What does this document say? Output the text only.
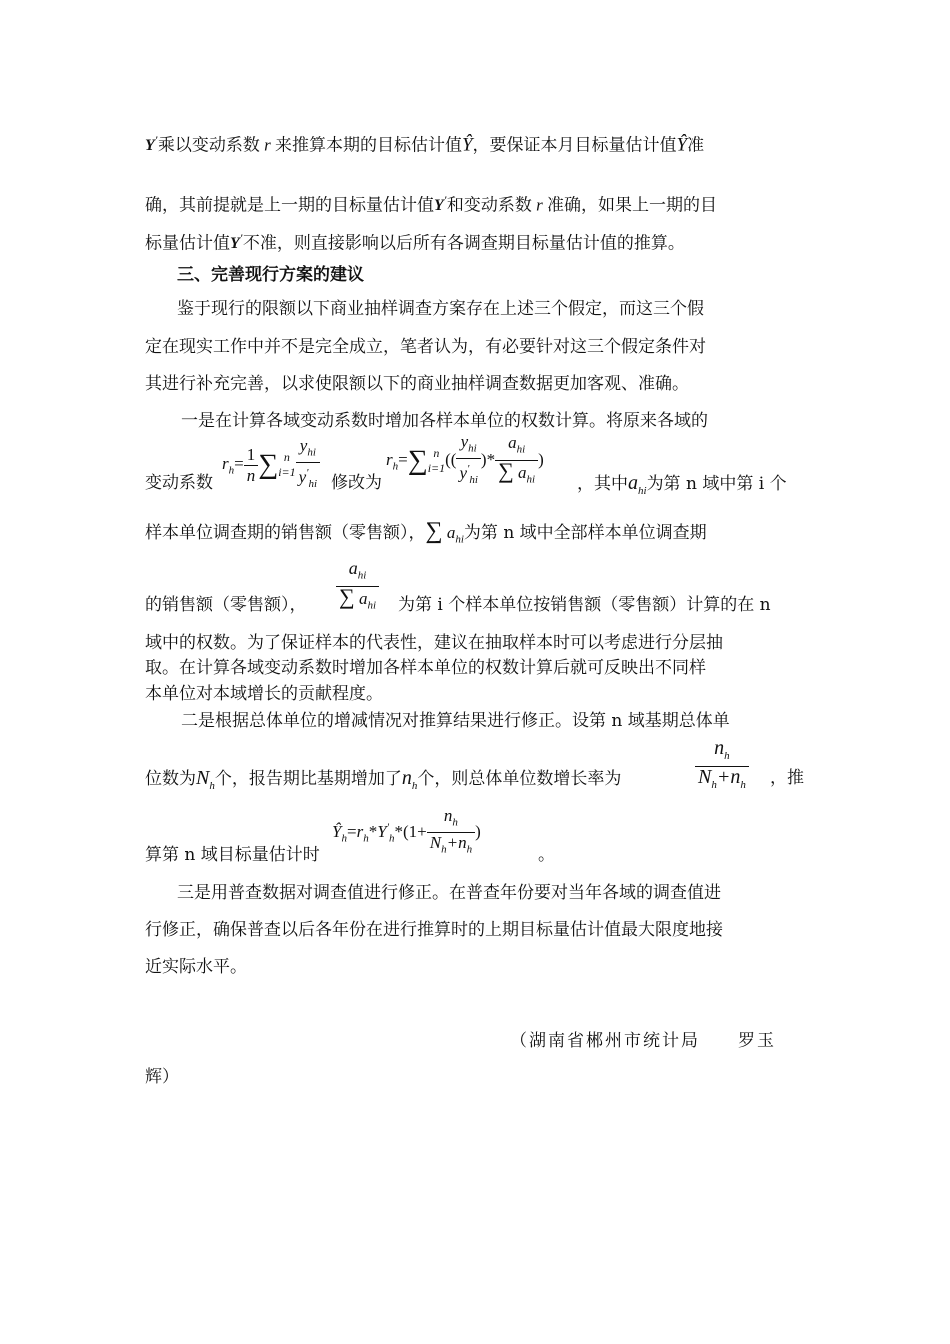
Y'乘以变动系数 r 来推算本期的目标估计值Ŷ，要保证本月目标量估计值Ŷ准
确，其前提就是上一期的目标量估计值Y'和变动系数 r 准确，如果上一期的目
标量估计值Y'不准，则直接影响以后所有各调查期目标量估计值的推算。
三、完善现行方案的建议
鉴于现行的限额以下商业抽样调查方案存在上述三个假定，而这三个假
定在现实工作中并不是完全成立，笔者认为，有必要针对这三个假定条件对
其进行补充完善，以求使限额以下的商业抽样调查数据更加客观、准确。
一是在计算各域变动系数时增加各样本单位的权数计算。将原来各域的
变动系数
$r_h= \frac{1}{n}$ ∑ n
$i=1 \frac{y_{hi}}{y'_{hi}}$ 修改为
$r_h=\sum$ n
i=1 (( $\frac{y_{hi}}{y'_{hi}}$ )* $\frac{a_{hi}}{\sum a_{hi}}$ )
，其中$a_{hi}$为第 n 域中第 i 个
样本单位调查期的销售额（零售额），∑ $a_{hi}$为第 n 域中全部样本单位调查期
的销售额（零售额）， $\frac{a_{hi}}{\sum a_{hi}}$ 为第 i 个样本单位按销售额（零售额）计算的在 n
域中的权数。为了保证样本的代表性，建议在抽取样本时可以考虑进行分层抽
取。在计算各域变动系数时增加各样本单位的权数计算后就可反映出不同样
本单位对本域增长的贡献程度。
二是根据总体单位的增减情况对推算结果进行修正。设第 n 域基期总体单
位数为$N_h$个，报告期比基期增加了$n_h$个，则总体单位数增长率为	$\frac{n_h}{N_h+n_h}$ ，推
算第 n 域目标量估计时
$Ŷ_h=r_h*Y'_h*(1+ \frac{n_h}{N_h+n_h}$ )
。
三是用普查数据对调查值进行修正。在普查年份要对当年各域的调查值进
行修正，确保普查以后各年份在进行推算时的上期目标量估计值最大限度地接
近实际水平。
（湖南省郴州市统计局　　罗玉
辉）
